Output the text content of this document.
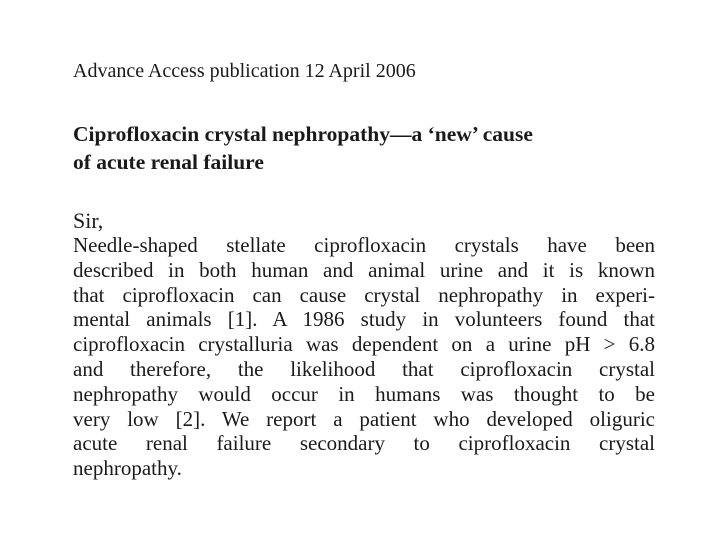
Advance Access publication 12 April 2006
Ciprofloxacin crystal nephropathy—a ‘new’ cause
of acute renal failure
Sir,
Needle-shaped stellate ciprofloxacin crystals have been
described in both human and animal urine and it is known
that ciprofloxacin can cause crystal nephropathy in experi-
mental animals [1]. A 1986 study in volunteers found that
ciprofloxacin crystalluria was dependent on a urine pH > 6.8
and therefore, the likelihood that ciprofloxacin crystal
nephropathy would occur in humans was thought to be
very low [2]. We report a patient who developed oliguric
acute renal failure secondary to ciprofloxacin crystal
nephropathy.
